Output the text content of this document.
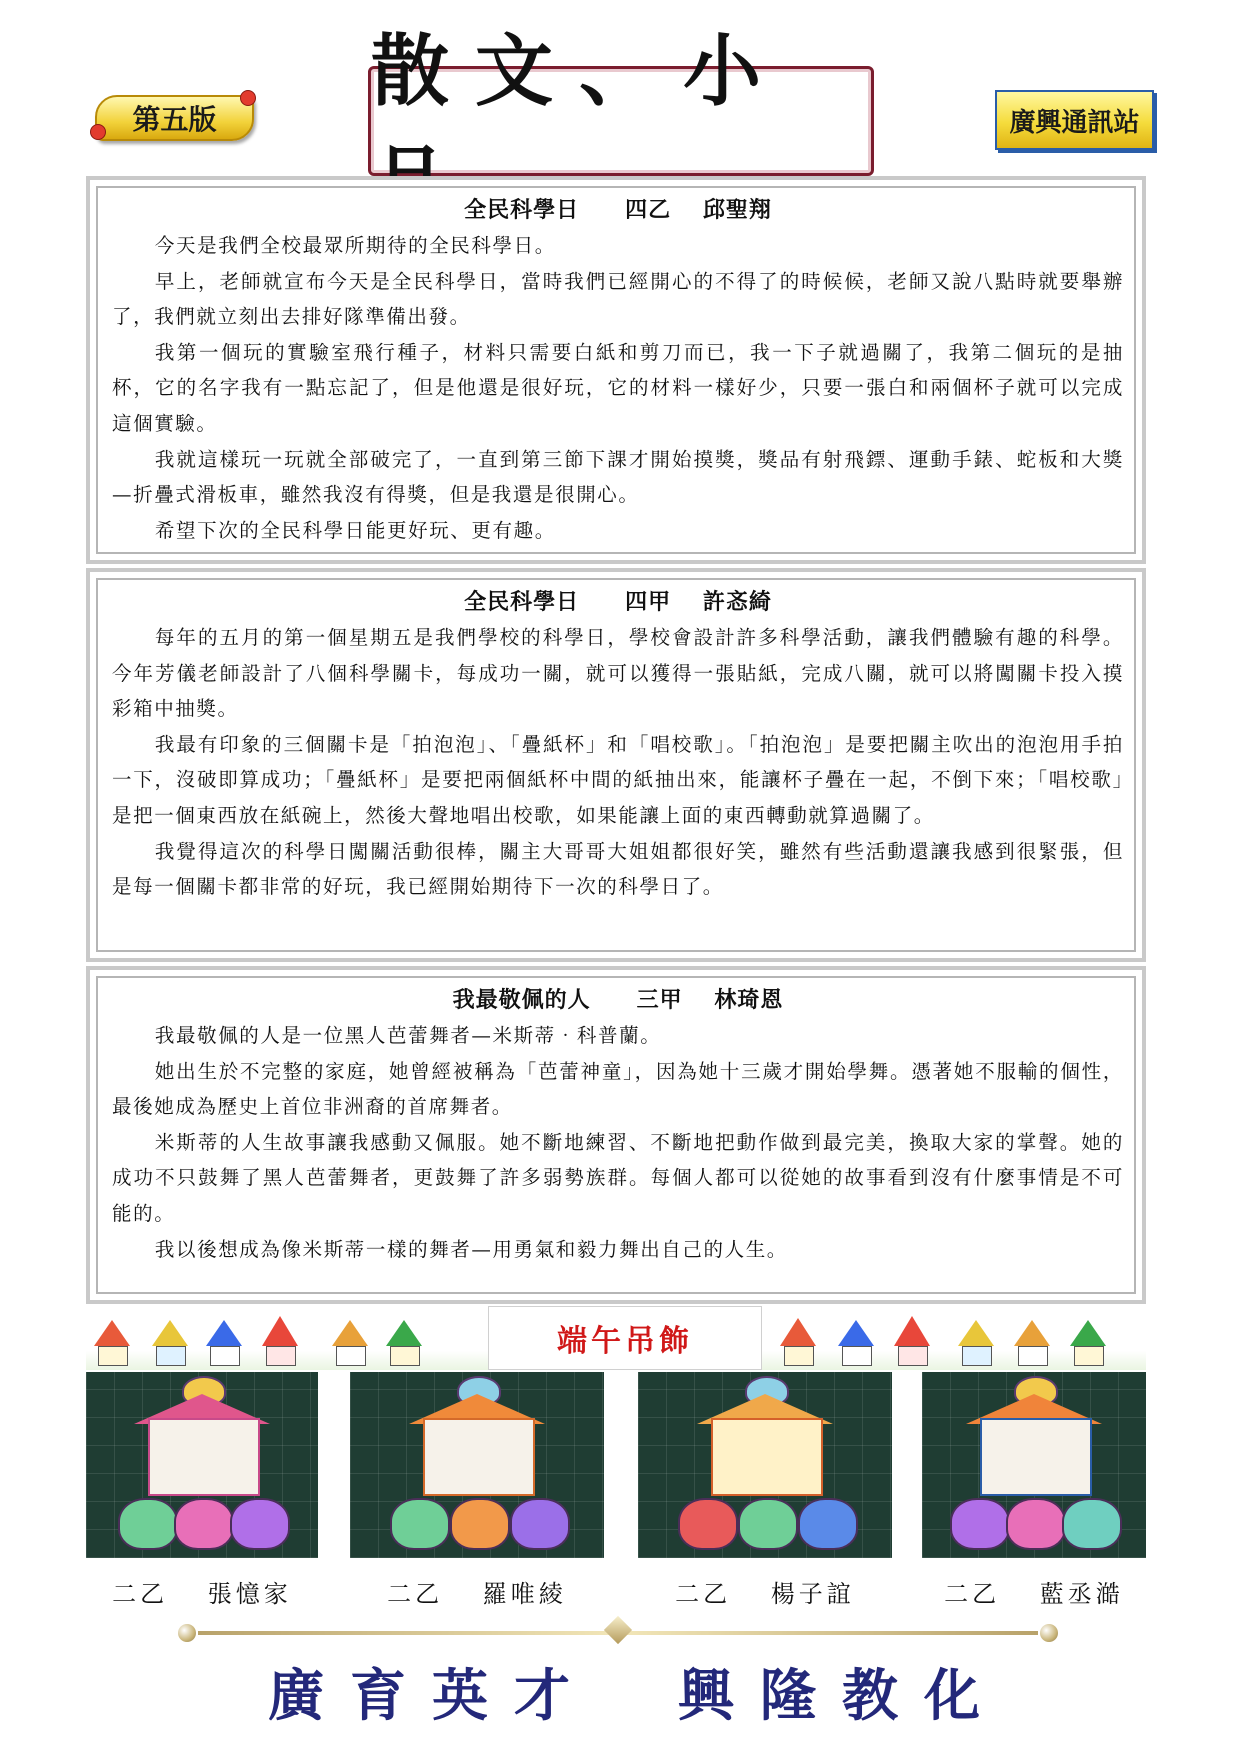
第五版
散文、小
廣興通訊站
全民科學日　　四乙　 邱聖翔

今天是我們全校最眾所期待的全民科學日。

早上，老師就宣布今天是全民科學日，當時我們已經開心的不得了的時候候，老師又說八點時就要舉辦了，我們就立刻出去排好隊準備出發。

我第一個玩的實驗室飛行種子，材料只需要白紙和剪刀而已，我一下子就過關了，我第二個玩的是抽杯，它的名字我有一點忘記了，但是他還是很好玩，它的材料一樣好少，只要一張白和兩個杯子就可以完成這個實驗。

我就這樣玩一玩就全部破完了，一直到第三節下課才開始摸獎，獎品有射飛鏢、運動手錶、蛇板和大獎—折疊式滑板車，雖然我沒有得獎，但是我還是很開心。

希望下次的全民科學日能更好玩、更有趣。

全民科學日　　四甲　 許忞綺

每年的五月的第一個星期五是我們學校的科學日，學校會設計許多科學活動，讓我們體驗有趣的科學。今年芳儀老師設計了八個科學關卡，每成功一關，就可以獲得一張貼紙，完成八關，就可以將闖關卡投入摸彩箱中抽獎。

我最有印象的三個關卡是「拍泡泡」、「疊紙杯」和「唱校歌」。「拍泡泡」是要把關主吹出的泡泡用手拍一下，沒破即算成功；「疊紙杯」是要把兩個紙杯中間的紙抽出來，能讓杯子疊在一起，不倒下來；「唱校歌」是把一個東西放在紙碗上，然後大聲地唱出校歌，如果能讓上面的東西轉動就算過關了。

我覺得這次的科學日闖關活動很棒，關主大哥哥大姐姐都很好笑，雖然有些活動還讓我感到很緊張，但是每一個關卡都非常的好玩，我已經開始期待下一次的科學日了。

我最敬佩的人　　三甲　 林琦恩

我最敬佩的人是一位黑人芭蕾舞者—米斯蒂‧科普蘭。

她出生於不完整的家庭，她曾經被稱為「芭蕾神童」，因為她十三歲才開始學舞。憑著她不服輸的個性，最後她成為歷史上首位非洲裔的首席舞者。

米斯蒂的人生故事讓我感動又佩服。她不斷地練習、不斷地把動作做到最完美，換取大家的掌聲。她的成功不只鼓舞了黑人芭蕾舞者，更鼓舞了許多弱勢族群。每個人都可以從她的故事看到沒有什麼事情是不可能的。

我以後想成為像米斯蒂一樣的舞者—用勇氣和毅力舞出自己的人生。

端午吊飾
二乙　 張憶家	二乙　 羅唯綾	二乙　 楊子誼	二乙　 藍丞澔
廣育英才　興隆教化
